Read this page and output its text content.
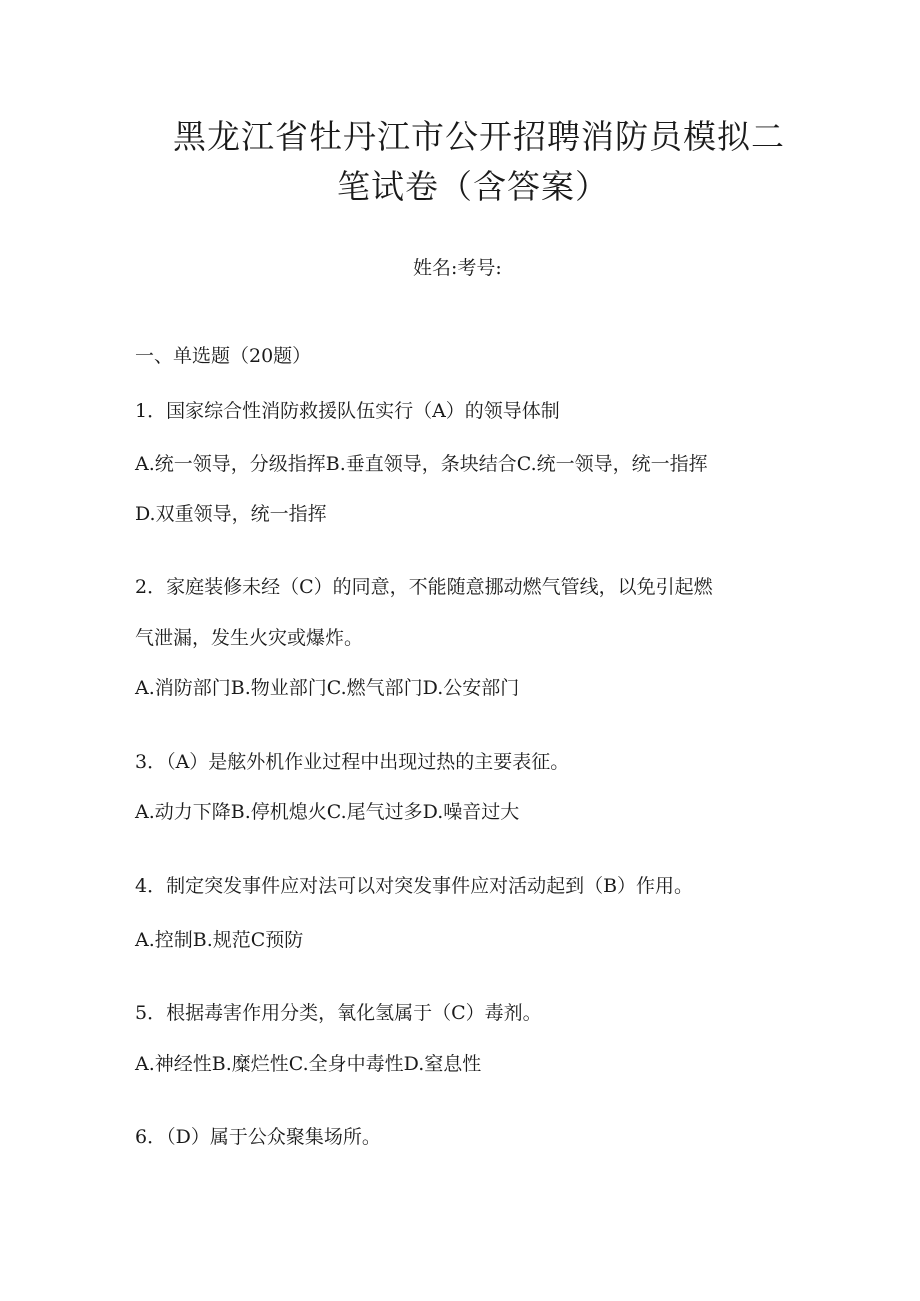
黑龙江省牡丹江市公开招聘消防员模拟二
笔试卷（含答案）
姓名:考号:
一、单选题（20题）
1．国家综合性消防救援队伍实行（A）的领导体制
A.统一领导，分级指挥B.垂直领导，条块结合C.统一领导，统一指挥
D.双重领导，统一指挥
2．家庭装修未经（C）的同意，不能随意挪动燃气管线，以免引起燃
气泄漏，发生火灾或爆炸。
A.消防部门B.物业部门C.燃气部门D.公安部门
3．（A）是舷外机作业过程中出现过热的主要表征。
A.动力下降B.停机熄火C.尾气过多D.噪音过大
4．制定突发事件应对法可以对突发事件应对活动起到（B）作用。
A.控制B.规范C预防
5．根据毒害作用分类，氧化氢属于（C）毒剂。
A.神经性B.糜烂性C.全身中毒性D.窒息性
6．（D）属于公众聚集场所。
